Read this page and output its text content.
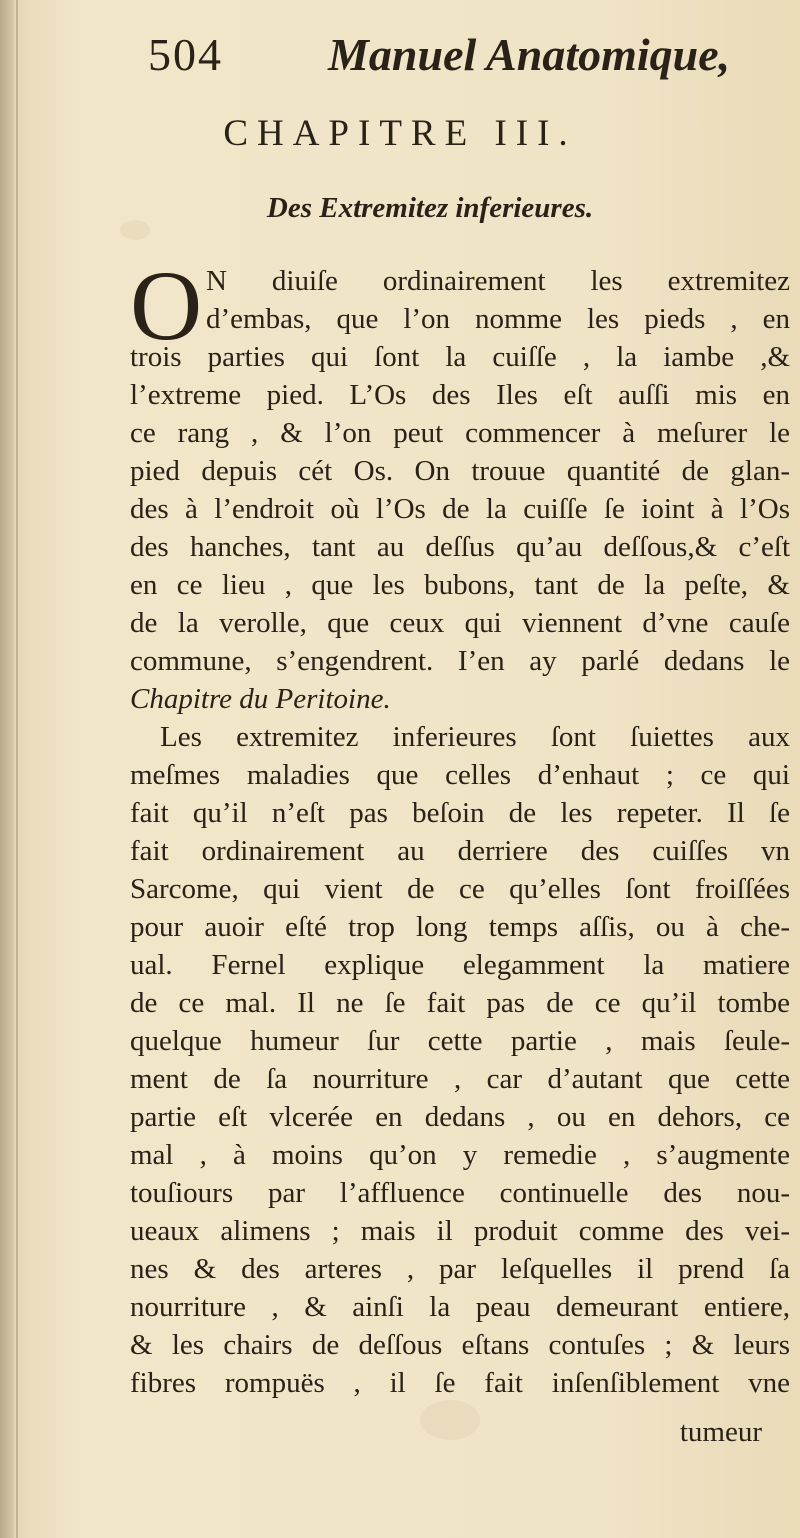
504 Manuel Anatomique,
CHAPITRE III.
Des Extremitez inferieures.
O N diuiſe ordinairement les extremitez
d’embas, que l’on nomme les pieds , en
trois parties qui ſont la cuiſſe , la iambe ,&
l’extreme pied. L’Os des Iles eſt auſſi mis en
ce rang , & l’on peut commencer à meſurer le
pied depuis cét Os. On trouue quantité de glan-
des à l’endroit où l’Os de la cuiſſe ſe ioint à l’Os
des hanches, tant au deſſus qu’au deſſous,& c’eſt
en ce lieu , que les bubons, tant de la peſte, &
de la verolle, que ceux qui viennent d’vne cauſe
commune, s’engendrent. I’en ay parlé dedans le
Chapitre du Peritoine.
Les extremitez inferieures ſont ſuiettes aux
meſmes maladies que celles d’enhaut ; ce qui
fait qu’il n’eſt pas beſoin de les repeter. Il ſe
fait ordinairement au derriere des cuiſſes vn
Sarcome, qui vient de ce qu’elles ſont froiſſées
pour auoir eſté trop long temps aſſis, ou à che-
ual. Fernel explique elegamment la matiere
de ce mal. Il ne ſe fait pas de ce qu’il tombe
quelque humeur ſur cette partie , mais ſeule-
ment de ſa nourriture , car d’autant que cette
partie eſt vlcerée en dedans , ou en dehors, ce
mal , à moins qu’on y remedie , s’augmente
touſiours par l’affluence continuelle des nou-
ueaux alimens ; mais il produit comme des vei-
nes & des arteres , par leſquelles il prend ſa
nourriture , & ainſi la peau demeurant entiere,
& les chairs de deſſous eſtans contuſes ; & leurs
fibres rompuës , il ſe fait inſenſiblement vne
tumeur
